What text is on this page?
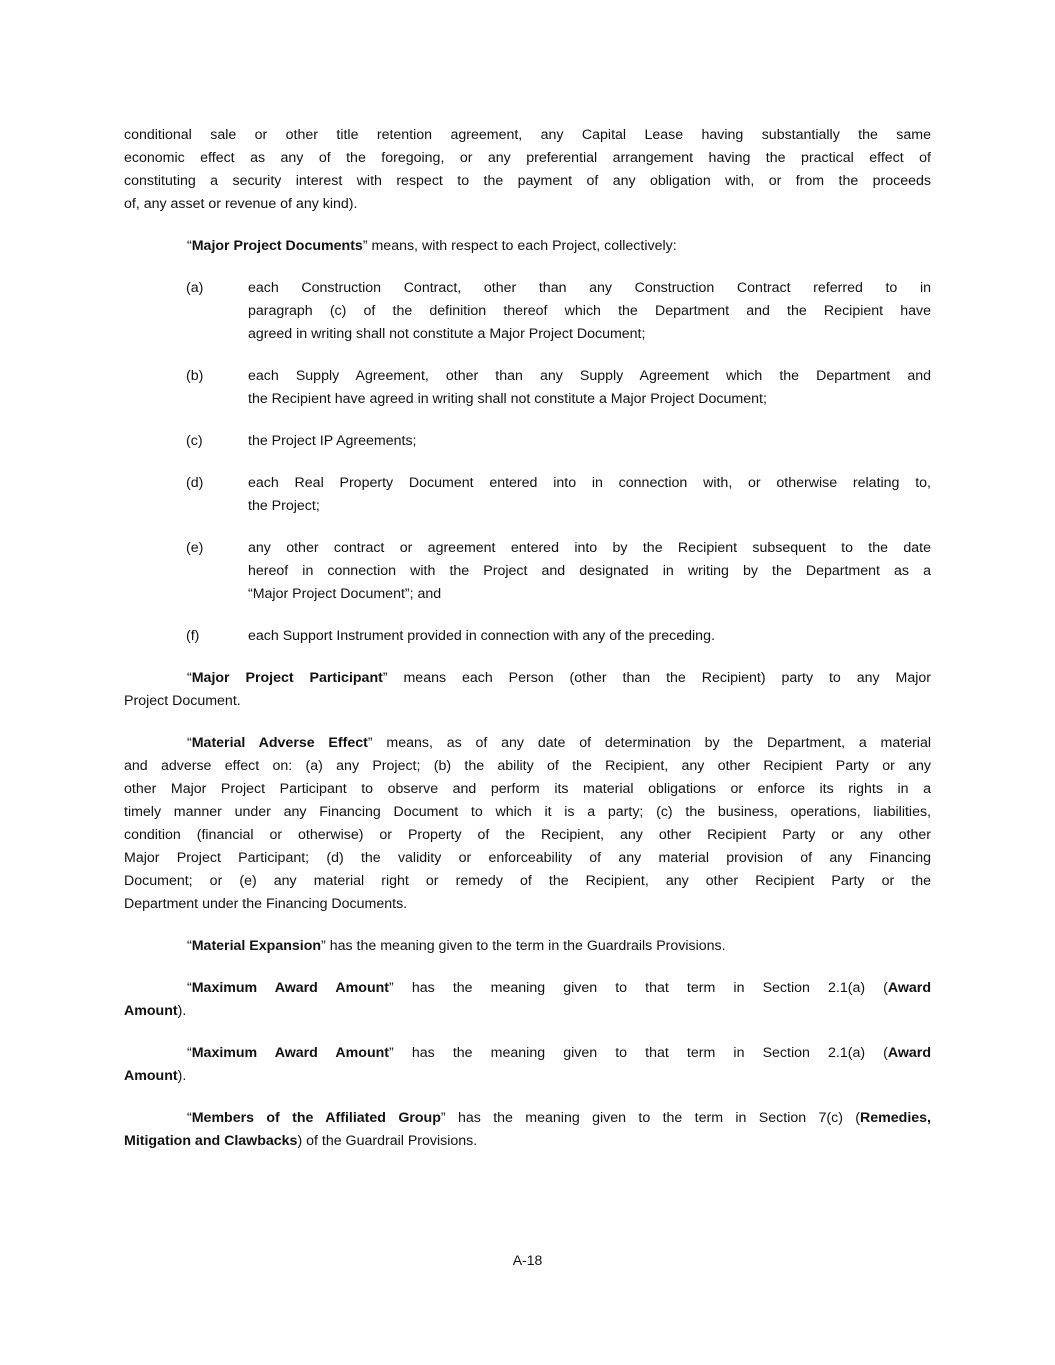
conditional sale or other title retention agreement, any Capital Lease having substantially the same
economic effect as any of the foregoing, or any preferential arrangement having the practical effect of
constituting a security interest with respect to the payment of any obligation with, or from the proceeds
of, any asset or revenue of any kind).
“Major Project Documents” means, with respect to each Project, collectively:
(a)	each Construction Contract, other than any Construction Contract referred to in
paragraph (c) of the definition thereof which the Department and the Recipient have
agreed in writing shall not constitute a Major Project Document;
(b)	each Supply Agreement, other than any Supply Agreement which the Department and
the Recipient have agreed in writing shall not constitute a Major Project Document;
(c)	the Project IP Agreements;
(d)	each Real Property Document entered into in connection with, or otherwise relating to,
the Project;
(e)	any other contract or agreement entered into by the Recipient subsequent to the date
hereof in connection with the Project and designated in writing by the Department as a
“Major Project Document”; and
(f)	each Support Instrument provided in connection with any of the preceding.
“Major Project Participant” means each Person (other than the Recipient) party to any Major
Project Document.
“Material Adverse Effect” means, as of any date of determination by the Department, a material
and adverse effect on: (a) any Project; (b) the ability of the Recipient, any other Recipient Party or any
other Major Project Participant to observe and perform its material obligations or enforce its rights in a
timely manner under any Financing Document to which it is a party; (c) the business, operations, liabilities,
condition (financial or otherwise) or Property of the Recipient, any other Recipient Party or any other
Major Project Participant; (d) the validity or enforceability of any material provision of any Financing
Document; or (e) any material right or remedy of the Recipient, any other Recipient Party or the
Department under the Financing Documents.
“Material Expansion” has the meaning given to the term in the Guardrails Provisions.
“Maximum Award Amount” has the meaning given to that term in Section 2.1(a) (Award
Amount).
“Maximum Award Amount” has the meaning given to that term in Section 2.1(a) (Award
Amount).
“Members of the Affiliated Group” has the meaning given to the term in Section 7(c) (Remedies,
Mitigation and Clawbacks) of the Guardrail Provisions.
A-18
